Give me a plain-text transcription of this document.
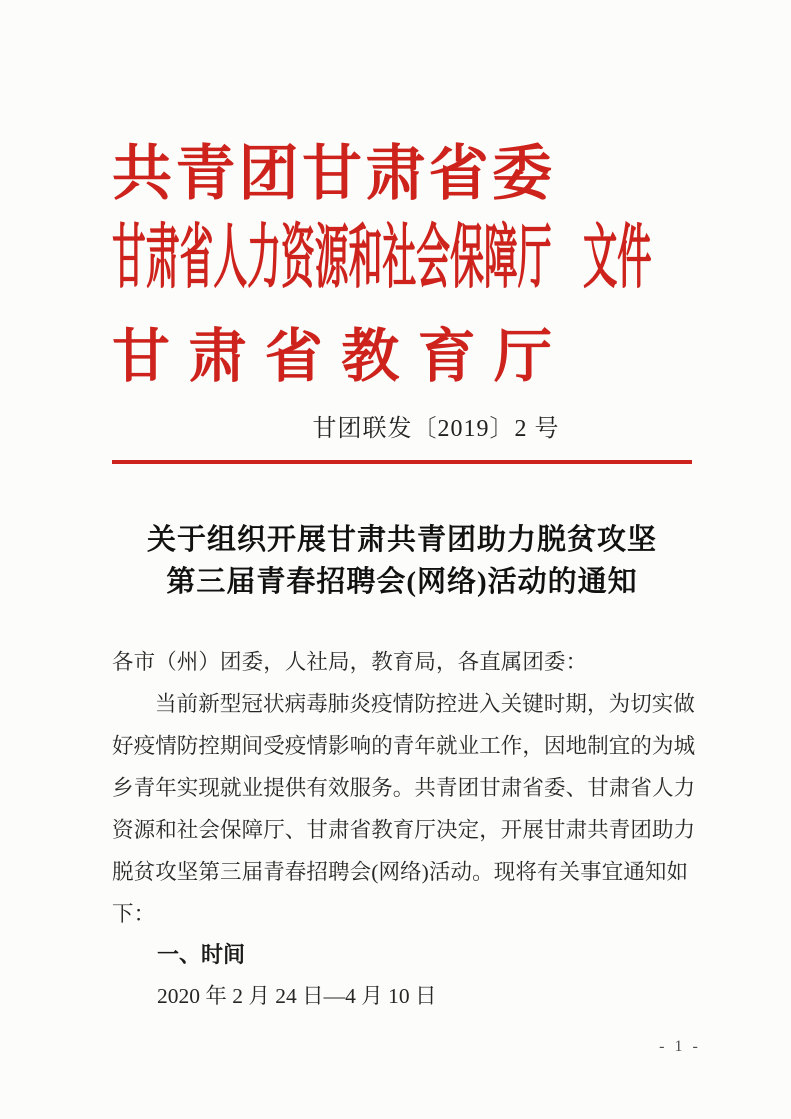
共青团甘肃省委
甘肃省人力资源和社会保障厅 文件
甘肃省教育厅
甘团联发〔2019〕2 号
关于组织开展甘肃共青团助力脱贫攻坚
第三届青春招聘会(网络)活动的通知
各市（州）团委，人社局，教育局，各直属团委：
当前新型冠状病毒肺炎疫情防控进入关键时期，为切实做
好疫情防控期间受疫情影响的青年就业工作，因地制宜的为城
乡青年实现就业提供有效服务。共青团甘肃省委、甘肃省人力
资源和社会保障厅、甘肃省教育厅决定，开展甘肃共青团助力
脱贫攻坚第三届青春招聘会(网络)活动。现将有关事宜通知如
下：
一、时间
2020 年 2 月 24 日—4 月 10 日
- 1 -
